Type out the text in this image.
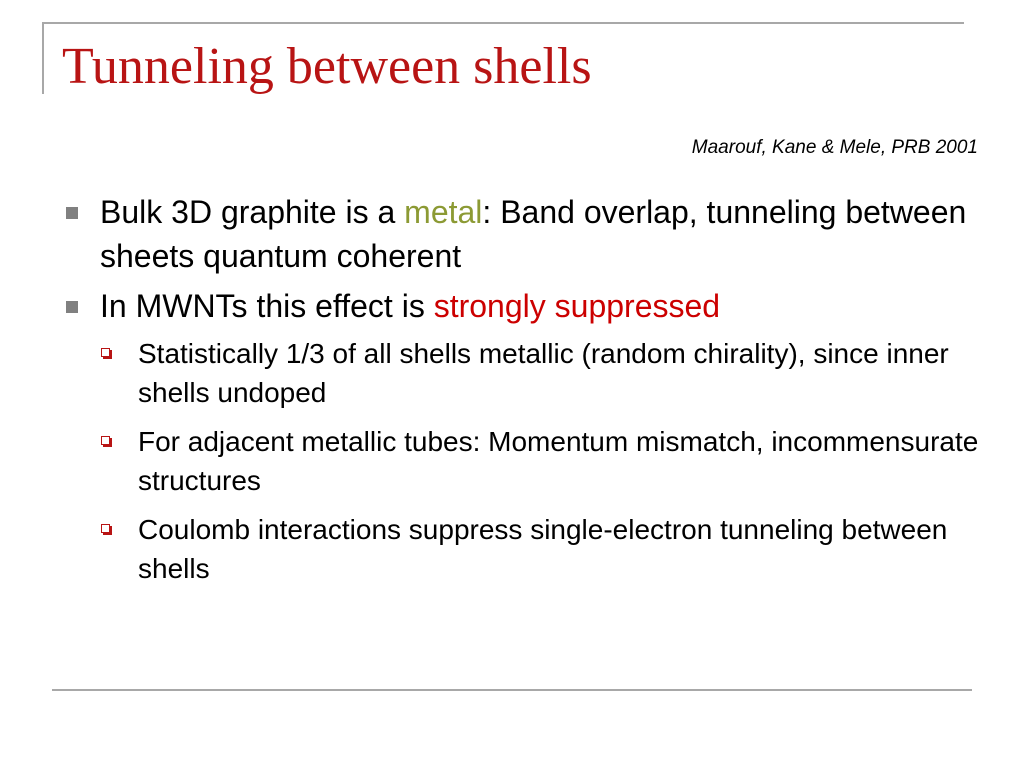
Tunneling between shells
Maarouf, Kane & Mele, PRB 2001
Bulk 3D graphite is a metal: Band overlap, tunneling between sheets quantum coherent
In MWNTs this effect is strongly suppressed
Statistically 1/3 of all shells metallic (random chirality), since inner shells undoped
For adjacent metallic tubes: Momentum mismatch, incommensurate structures
Coulomb interactions suppress single-electron tunneling between shells
